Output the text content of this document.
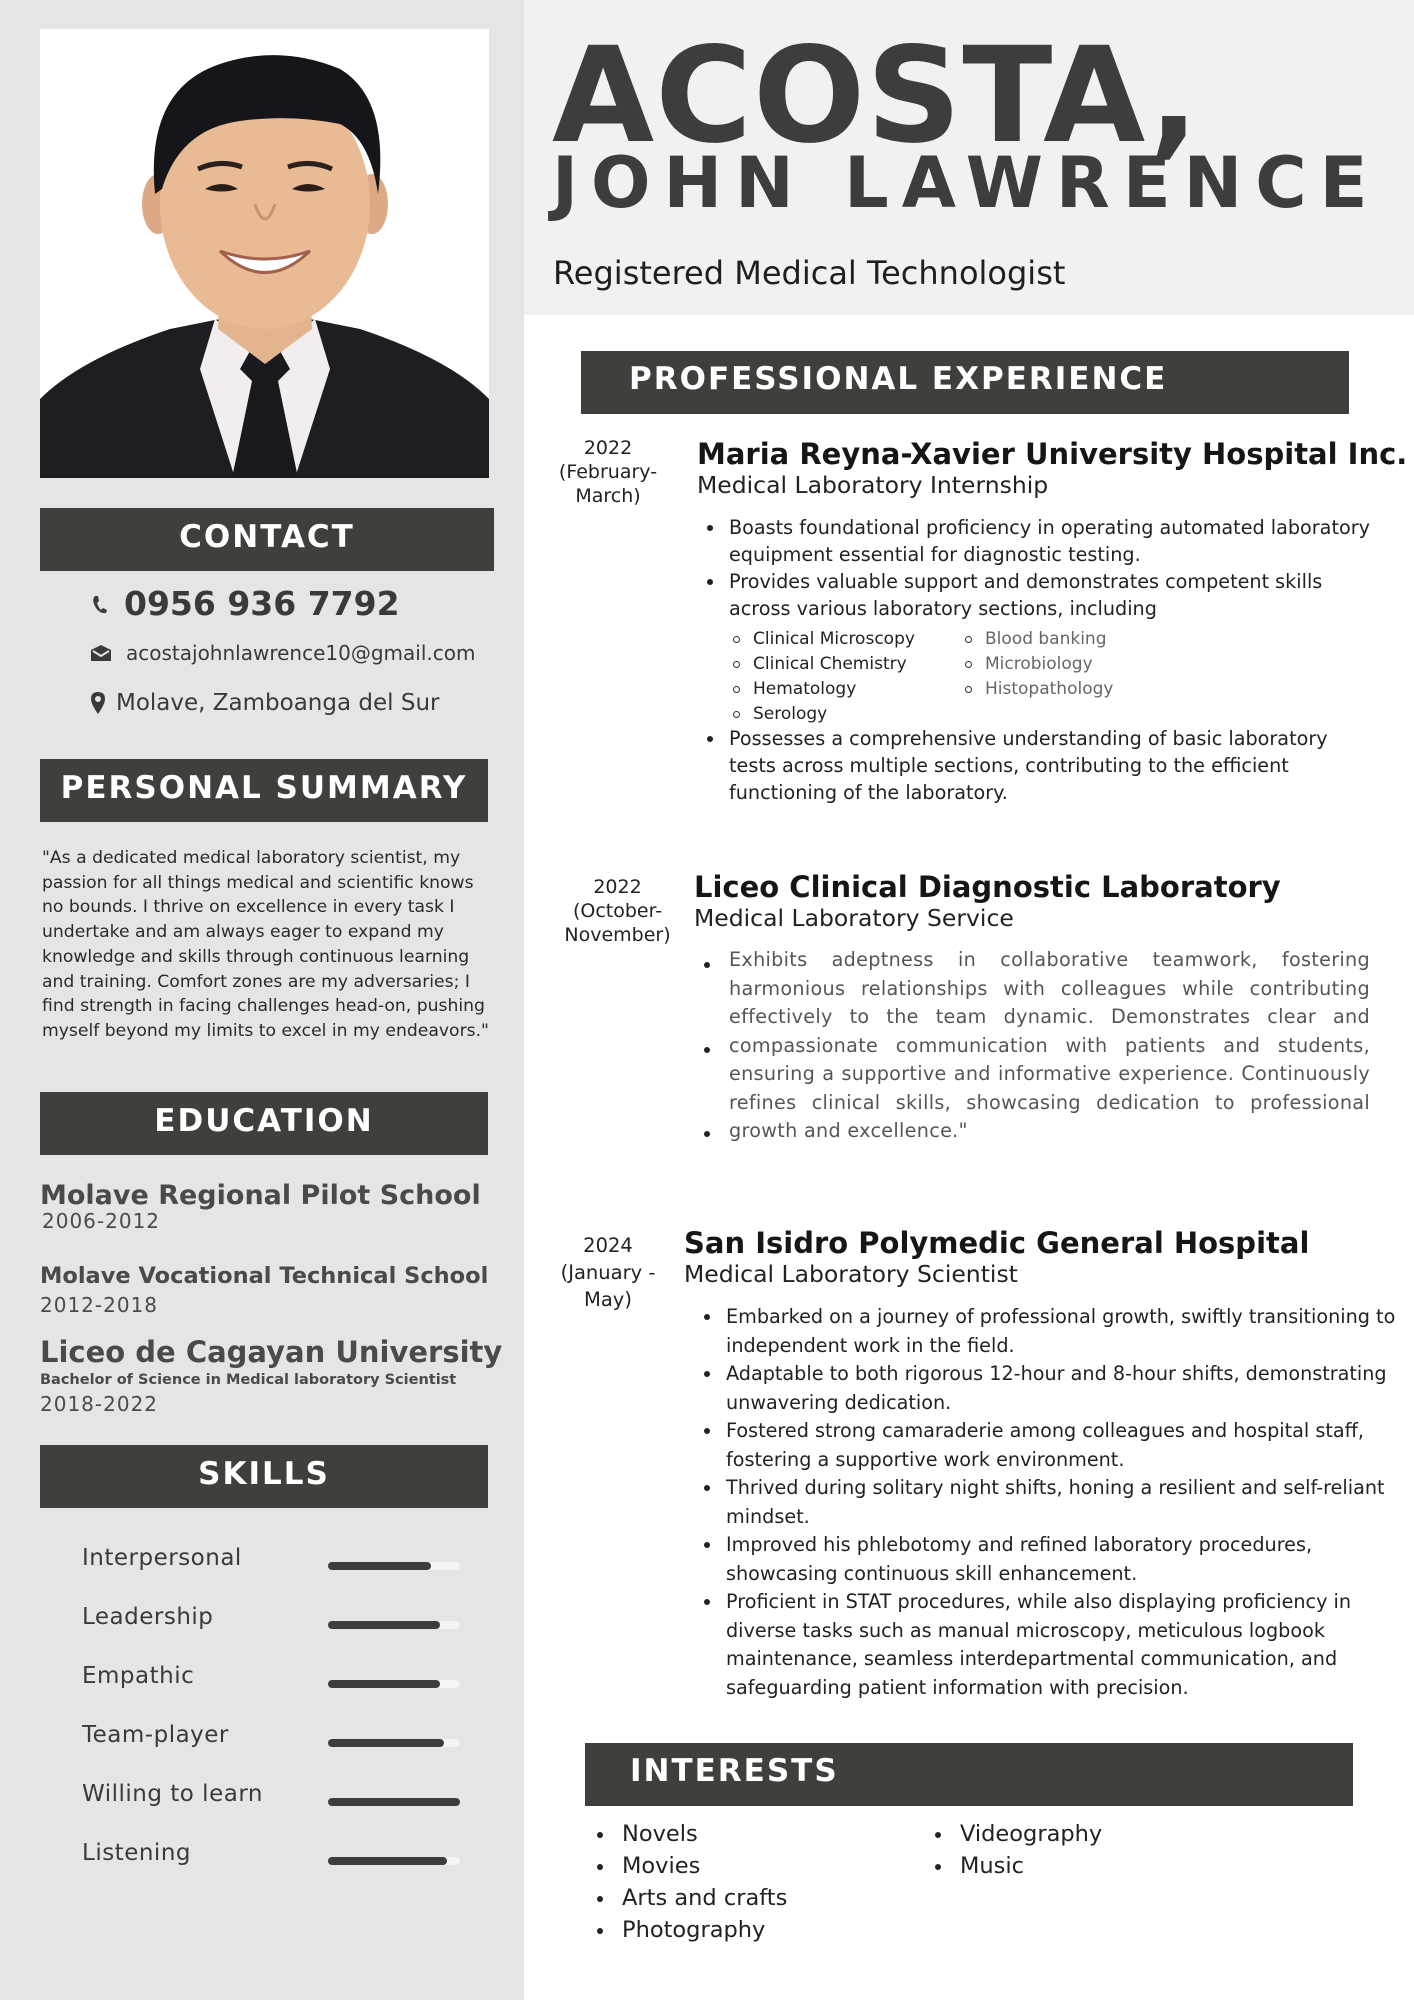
ACOSTA,
JOHN LAWRENCE
Registered Medical Technologist
CONTACT
0956 936 7792
acostajohnlawrence10@gmail.com
Molave, Zamboanga del Sur
PERSONAL SUMMARY
"As a dedicated medical laboratory scientist, my passion for all things medical and scientific knows no bounds. I thrive on excellence in every task I undertake and am always eager to expand my knowledge and skills through continuous learning and training. Comfort zones are my adversaries; I find strength in facing challenges head-on, pushing myself beyond my limits to excel in my endeavors."
EDUCATION
Molave Regional Pilot School
2006-2012
Molave Vocational Technical School
2012-2018
Liceo de Cagayan University
Bachelor of Science in Medical laboratory Scientist
2018-2022
SKILLS
Interpersonal
Leadership
Empathic
Team-player
Willing to learn
Listening
PROFESSIONAL EXPERIENCE
2022
(February-
March)
Maria Reyna-Xavier University Hospital Inc.
Medical Laboratory Internship
Boasts foundational proficiency in operating automated laboratory equipment essential for diagnostic testing.
Provides valuable support and demonstrates competent skills across various laboratory sections, including
Clinical Microscopy
Clinical Chemistry
Hematology
Serology
Blood banking
Microbiology
Histopathology
Possesses a comprehensive understanding of basic laboratory tests across multiple sections, contributing to the efficient functioning of the laboratory.
2022
(October-
November)
Liceo Clinical Diagnostic Laboratory
Medical Laboratory Service
Exhibits adeptness in collaborative teamwork, fostering harmonious relationships with colleagues while contributing effectively to the team dynamic. Demonstrates clear and compassionate communication with patients and students, ensuring a supportive and informative experience. Continuously refines clinical skills, showcasing dedication to professional growth and excellence."
2024
(January -
May)
San Isidro Polymedic General Hospital
Medical Laboratory Scientist
Embarked on a journey of professional growth, swiftly transitioning to independent work in the field.
Adaptable to both rigorous 12-hour and 8-hour shifts, demonstrating unwavering dedication.
Fostered strong camaraderie among colleagues and hospital staff, fostering a supportive work environment.
Thrived during solitary night shifts, honing a resilient and self-reliant mindset.
Improved his phlebotomy and refined laboratory procedures, showcasing continuous skill enhancement.
Proficient in STAT procedures, while also displaying proficiency in diverse tasks such as manual microscopy, meticulous logbook maintenance, seamless interdepartmental communication, and safeguarding patient information with precision.
INTERESTS
Novels
Movies
Arts and crafts
Photography
Videography
Music
